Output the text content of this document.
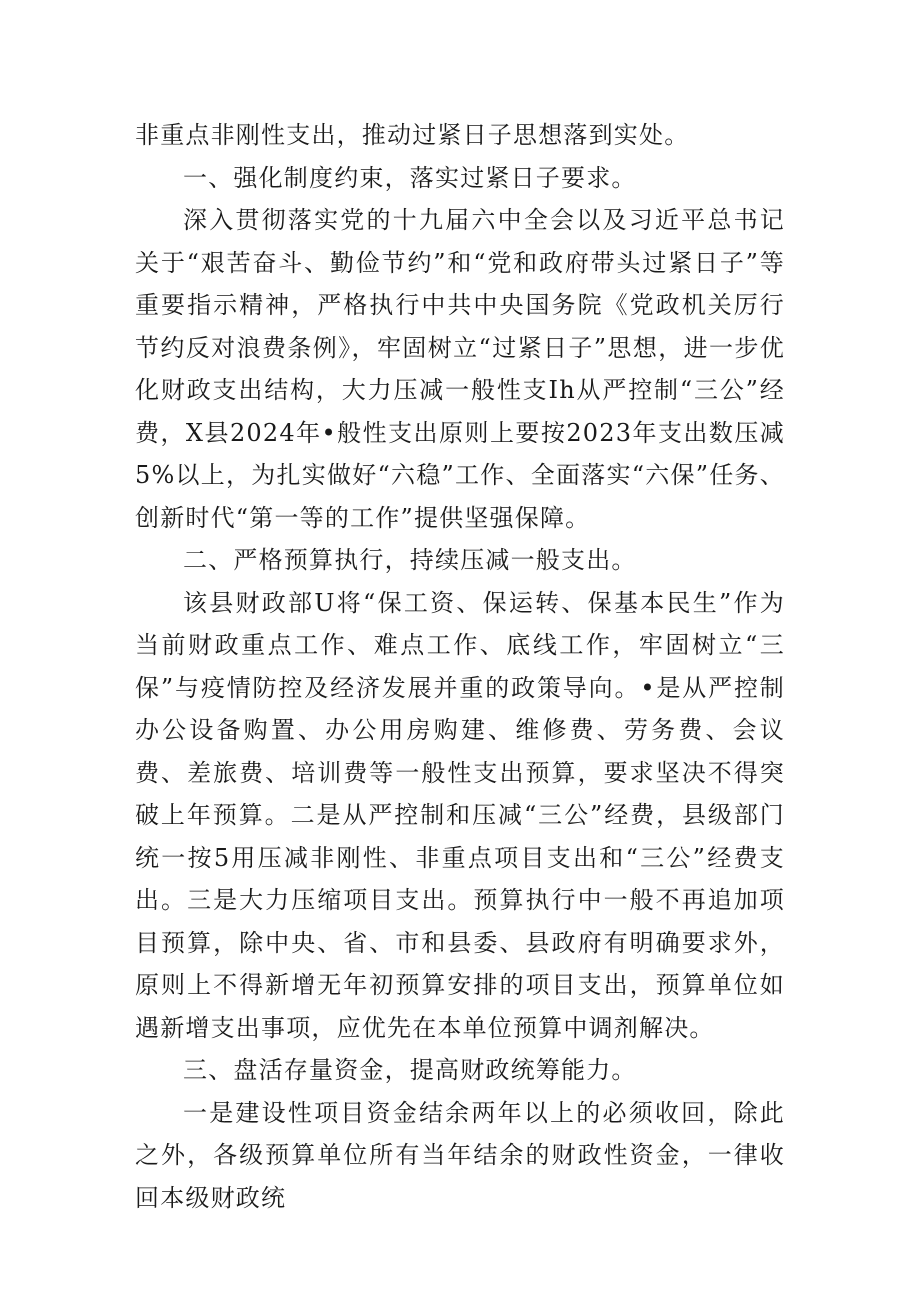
非重点非刚性支出，推动过紧日子思想落到实处。

一、强化制度约束，落实过紧日子要求。

深入贯彻落实党的十九届六中全会以及习近平总书记关于“艰苦奋斗、勤俭节约”和“党和政府带头过紧日子”等重要指示精神，严格执行中共中央国务院《党政机关厉行节约反对浪费条例》，牢固树立“过紧日子”思想，进一步优化财政支出结构，大力压减一般性支Ih从严控制“三公”经费，X县2024年•般性支出原则上要按2023年支出数压减5%以上，为扎实做好“六稳”工作、全面落实“六保”任务、创新时代“第一等的工作”提供坚强保障。

二、严格预算执行，持续压减一般支出。

该县财政部U将“保工资、保运转、保基本民生”作为当前财政重点工作、难点工作、底线工作，牢固树立“三保”与疫情防控及经济发展并重的政策导向。•是从严控制办公设备购置、办公用房购建、维修费、劳务费、会议费、差旅费、培训费等一般性支出预算，要求坚决不得突破上年预算。二是从严控制和压减“三公”经费，县级部门统一按5用压减非刚性、非重点项目支出和“三公”经费支出。三是大力压缩项目支出。预算执行中一般不再追加项目预算，除中央、省、市和县委、县政府有明确要求外，原则上不得新增无年初预算安排的项目支出，预算单位如遇新增支出事项，应优先在本单位预算中调剂解决。

三、盘活存量资金，提高财政统筹能力。

一是建设性项目资金结余两年以上的必须收回，除此之外，各级预算单位所有当年结余的财政性资金，一律收回本级财政统
